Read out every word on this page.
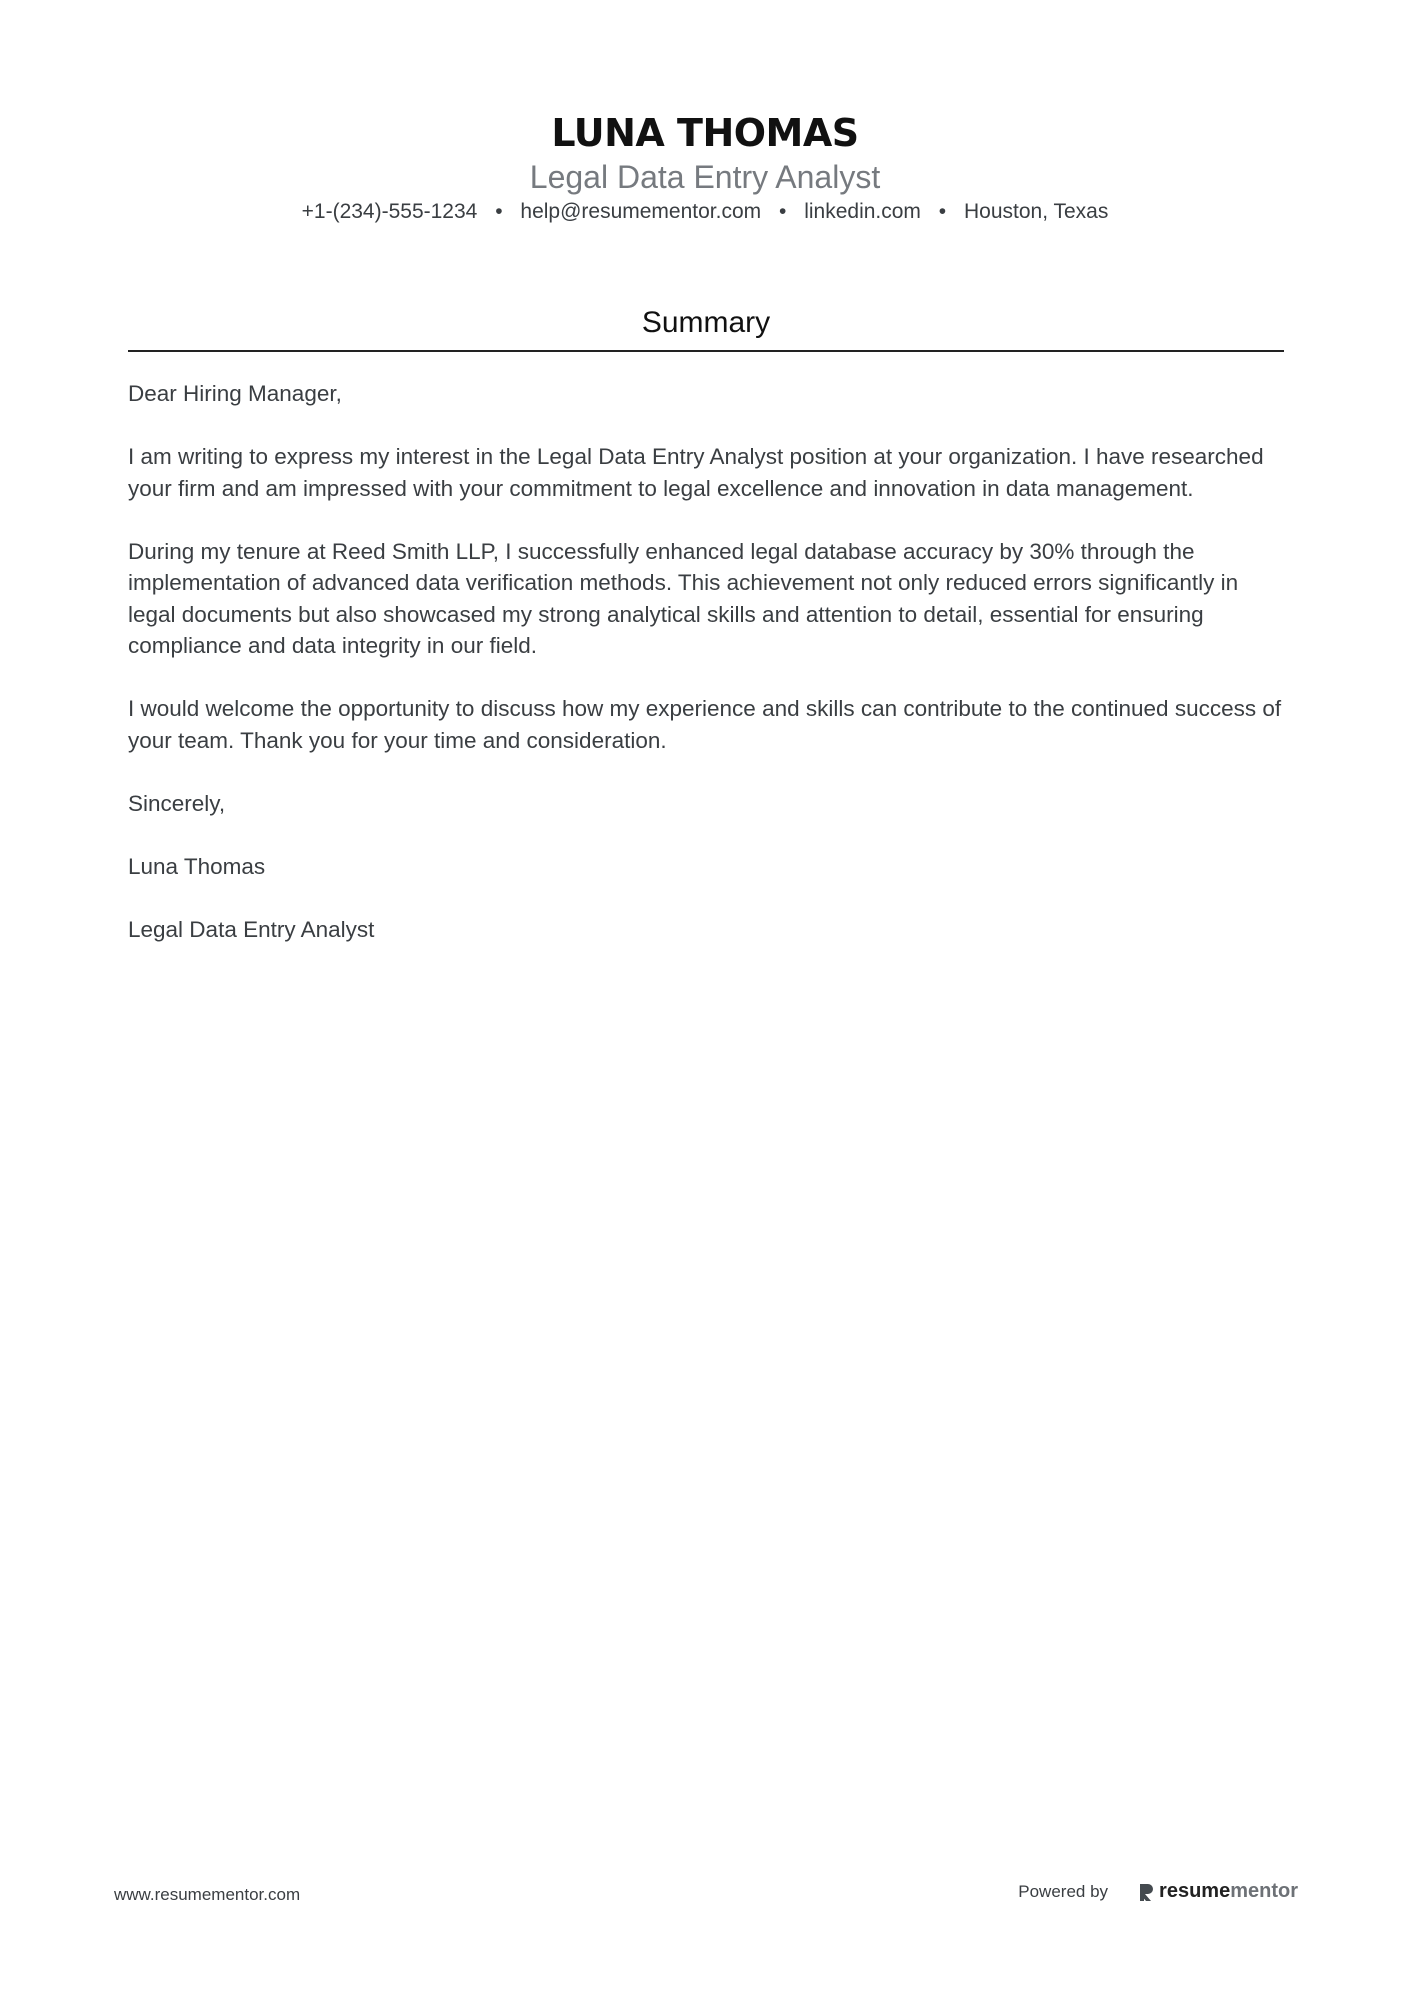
LUNA THOMAS
Legal Data Entry Analyst
+1-(234)-555-1234 • help@resumementor.com • linkedin.com • Houston, Texas
Summary

Dear Hiring Manager,

I am writing to express my interest in the Legal Data Entry Analyst position at your organization. I have researched your firm and am impressed with your commitment to legal excellence and innovation in data management.

During my tenure at Reed Smith LLP, I successfully enhanced legal database accuracy by 30% through the implementation of advanced data verification methods. This achievement not only reduced errors significantly in legal documents but also showcased my strong analytical skills and attention to detail, essential for ensuring compliance and data integrity in our field.

I would welcome the opportunity to discuss how my experience and skills can contribute to the continued success of your team. Thank you for your time and consideration.

Sincerely,

Luna Thomas

Legal Data Entry Analyst

www.resumementor.com	Powered by	resume mentor
